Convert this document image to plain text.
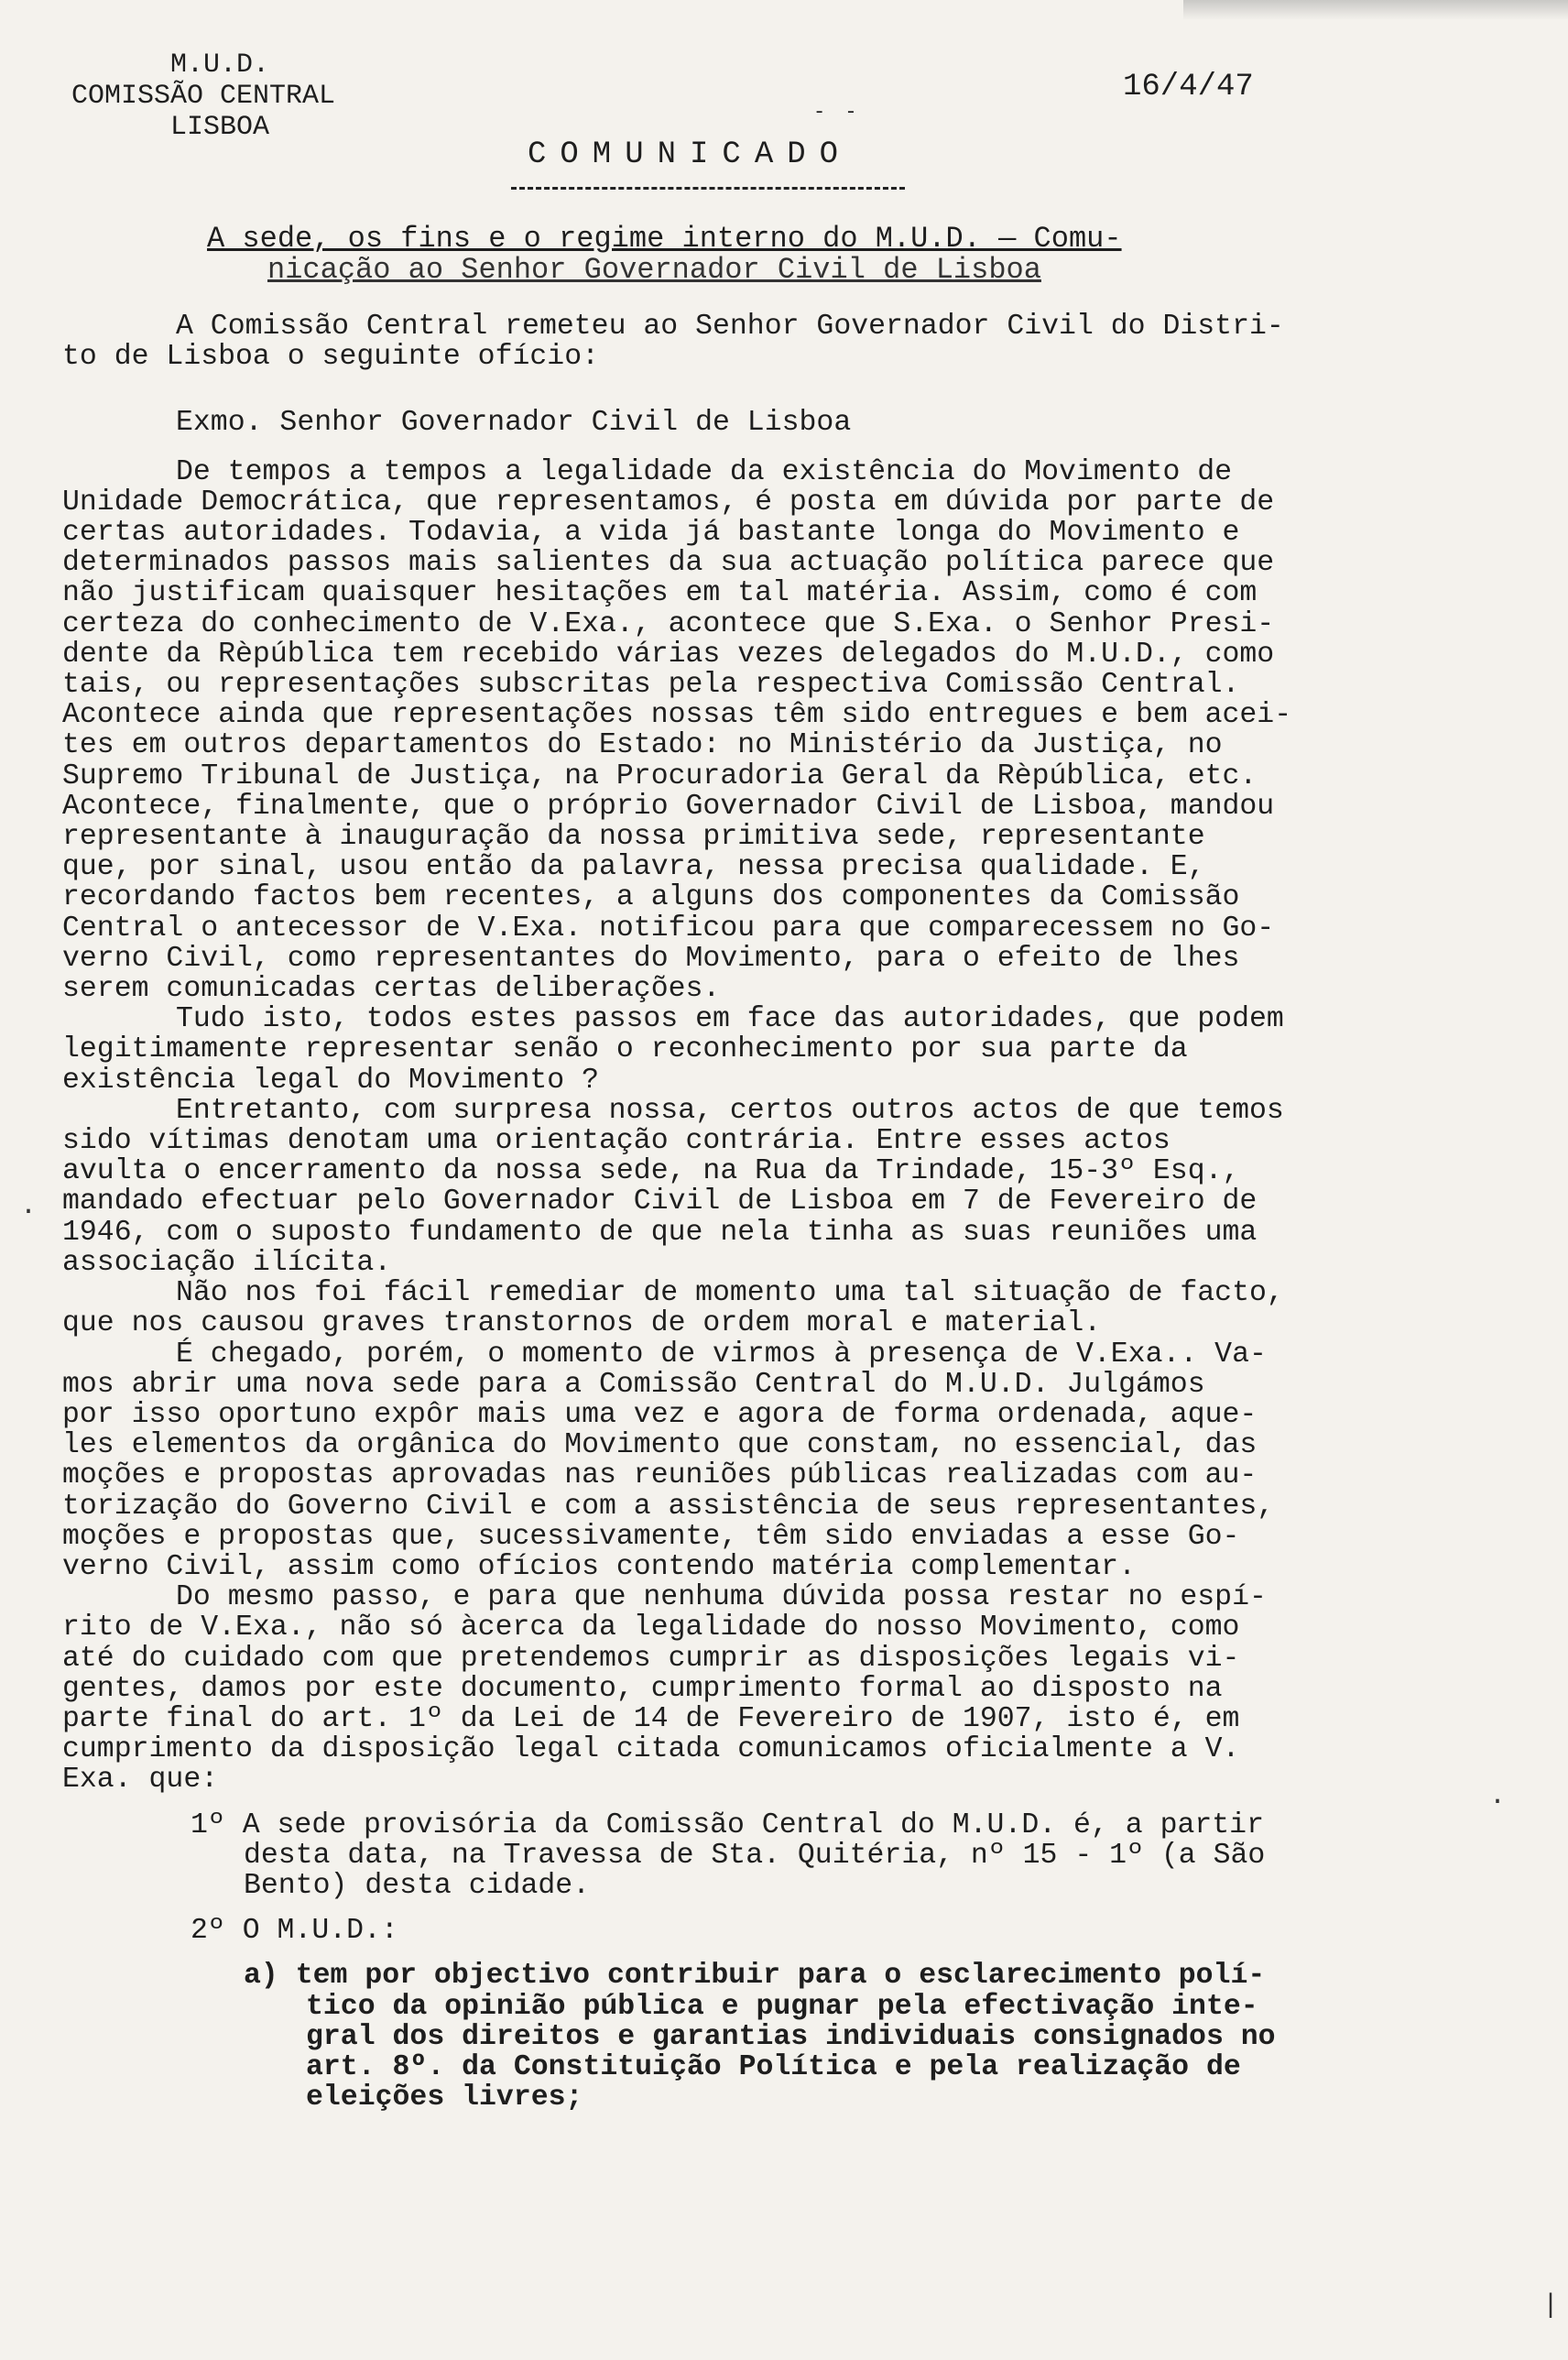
M.U.D.
COMISSÃO CENTRAL
LISBOA
16/4/47
- -
COMUNICADO
A sede, os fins e o regime interno do M.U.D. — Comu-
nicação ao Senhor Governador Civil de Lisboa

A Comissão Central remeteu ao Senhor Governador Civil do Distri-

to de Lisboa o seguinte ofício:

Exmo. Senhor Governador Civil de Lisboa

De tempos a tempos a legalidade da existência do Movimento de

Unidade Democrática, que representamos, é posta em dúvida por parte de

certas autoridades. Todavia, a vida já bastante longa do Movimento e

determinados passos mais salientes da sua actuação política parece que

não justificam quaisquer hesitações em tal matéria. Assim, como é com

certeza do conhecimento de V.Exa., acontece que S.Exa. o Senhor Presi-

dente da Rèpública tem recebido várias vezes delegados do M.U.D., como

tais, ou representações subscritas pela respectiva Comissão Central.

Acontece ainda que representações nossas têm sido entregues e bem acei-

tes em outros departamentos do Estado: no Ministério da Justiça, no

Supremo Tribunal de Justiça, na Procuradoria Geral da Rèpública, etc.

Acontece, finalmente, que o próprio Governador Civil de Lisboa, mandou

representante à inauguração da nossa primitiva sede, representante

que, por sinal, usou então da palavra, nessa precisa qualidade. E,

recordando factos bem recentes, a alguns dos componentes da Comissão

Central o antecessor de V.Exa. notificou para que comparecessem no Go-

verno Civil, como representantes do Movimento, para o efeito de lhes

serem comunicadas certas deliberações.

Tudo isto, todos estes passos em face das autoridades, que podem

legitimamente representar senão o reconhecimento por sua parte da

existência legal do Movimento ?

Entretanto, com surpresa nossa, certos outros actos de que temos

sido vítimas denotam uma orientação contrária. Entre esses actos

avulta o encerramento da nossa sede, na Rua da Trindade, 15-3º Esq.,

mandado efectuar pelo Governador Civil de Lisboa em 7 de Fevereiro de

1946, com o suposto fundamento de que nela tinha as suas reuniões uma

associação ilícita.

Não nos foi fácil remediar de momento uma tal situação de facto,

que nos causou graves transtornos de ordem moral e material.

É chegado, porém, o momento de virmos à presença de V.Exa.. Va-

mos abrir uma nova sede para a Comissão Central do M.U.D. Julgámos

por isso oportuno expôr mais uma vez e agora de forma ordenada, aque-

les elementos da orgânica do Movimento que constam, no essencial, das

moções e propostas aprovadas nas reuniões públicas realizadas com au-

torização do Governo Civil e com a assistência de seus representantes,

moções e propostas que, sucessivamente, têm sido enviadas a esse Go-

verno Civil, assim como ofícios contendo matéria complementar.

Do mesmo passo, e para que nenhuma dúvida possa restar no espí-

rito de V.Exa., não só àcerca da legalidade do nosso Movimento, como

até do cuidado com que pretendemos cumprir as disposições legais vi-

gentes, damos por este documento, cumprimento formal ao disposto na

parte final do art. 1º da Lei de 14 de Fevereiro de 1907, isto é, em

cumprimento da disposição legal citada comunicamos oficialmente a V.

Exa. que:

1º A sede provisória da Comissão Central do M.U.D. é, a partir

desta data, na Travessa de Sta. Quitéria, nº 15 - 1º (a São

Bento) desta cidade.

2º O M.U.D.:

a) tem por objectivo contribuir para o esclarecimento polí-

tico da opinião pública e pugnar pela efectivação inte-

gral dos direitos e garantias individuais consignados no

art. 8º. da Constituição Política e pela realização de

eleições livres;

·
·
|
